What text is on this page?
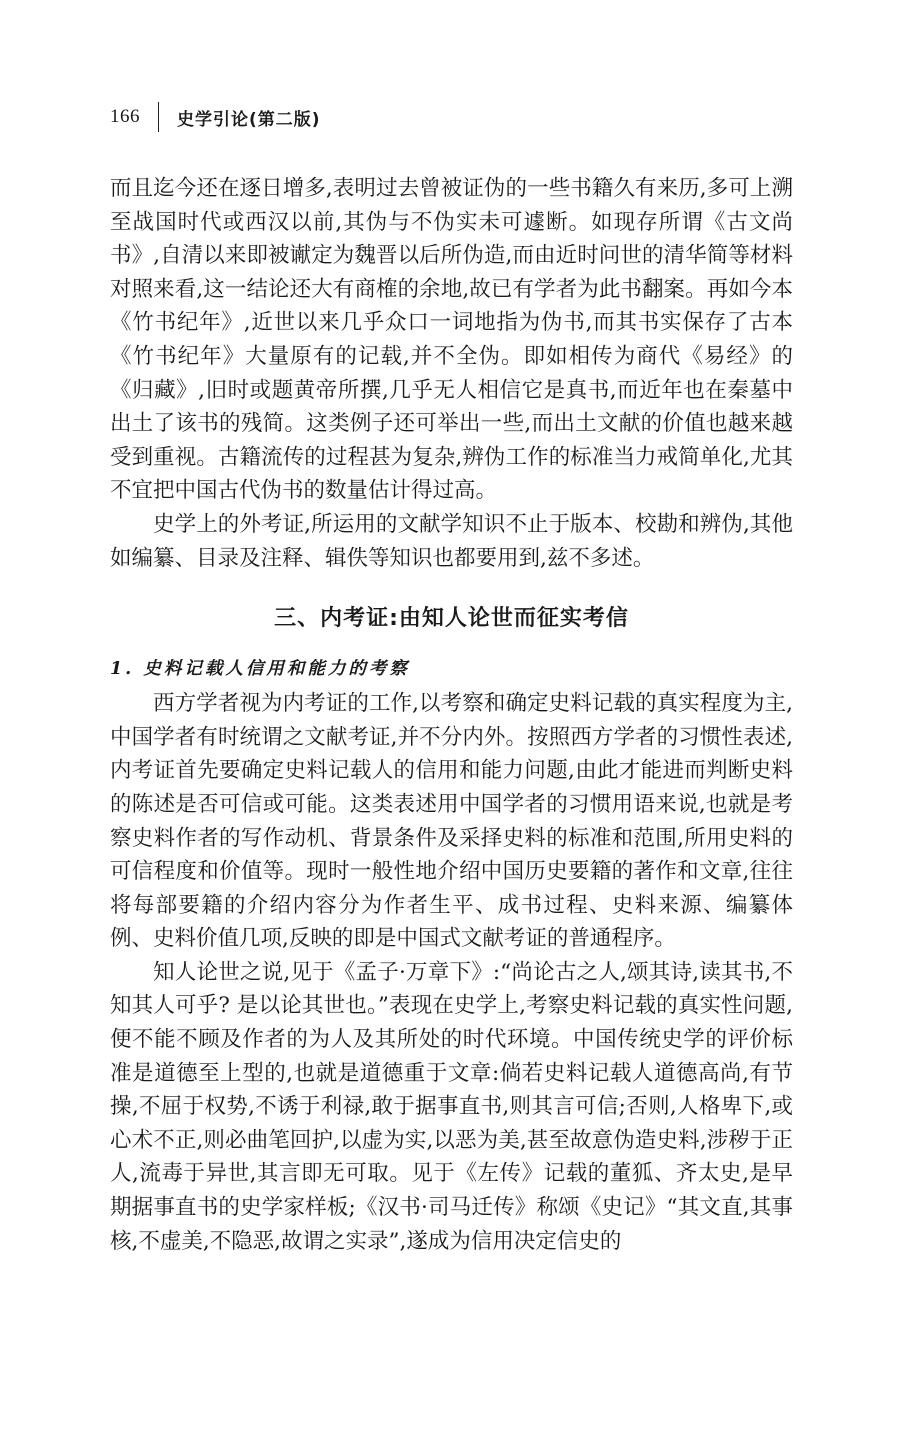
166 史学引论(第二版)

而且迄今还在逐日增多,表明过去曾被证伪的一些书籍久有来历,多可上溯至战国时代或西汉以前,其伪与不伪实未可遽断。如现存所谓《古文尚书》,自清以来即被谳定为魏晋以后所伪造,而由近时问世的清华简等材料对照来看,这一结论还大有商榷的余地,故已有学者为此书翻案。再如今本《竹书纪年》,近世以来几乎众口一词地指为伪书,而其书实保存了古本《竹书纪年》大量原有的记载,并不全伪。即如相传为商代《易经》的《归藏》,旧时或题黄帝所撰,几乎无人相信它是真书,而近年也在秦墓中出土了该书的残简。这类例子还可举出一些,而出土文献的价值也越来越受到重视。古籍流传的过程甚为复杂,辨伪工作的标准当力戒简单化,尤其不宜把中国古代伪书的数量估计得过高。

史学上的外考证,所运用的文献学知识不止于版本、校勘和辨伪,其他如编纂、目录及注释、辑佚等知识也都要用到,兹不多述。

三、内考证:由知人论世而征实考信
1. 史料记载人信用和能力的考察

西方学者视为内考证的工作,以考察和确定史料记载的真实程度为主,中国学者有时统谓之文献考证,并不分内外。按照西方学者的习惯性表述,内考证首先要确定史料记载人的信用和能力问题,由此才能进而判断史料的陈述是否可信或可能。这类表述用中国学者的习惯用语来说,也就是考察史料作者的写作动机、背景条件及采择史料的标准和范围,所用史料的可信程度和价值等。现时一般性地介绍中国历史要籍的著作和文章,往往将每部要籍的介绍内容分为作者生平、成书过程、史料来源、编纂体例、史料价值几项,反映的即是中国式文献考证的普通程序。

知人论世之说,见于《孟子·万章下》:“尚论古之人,颂其诗,读其书,不知其人可乎? 是以论其世也。”表现在史学上,考察史料记载的真实性问题,便不能不顾及作者的为人及其所处的时代环境。中国传统史学的评价标准是道德至上型的,也就是道德重于文章:倘若史料记载人道德高尚,有节操,不屈于权势,不诱于利禄,敢于据事直书,则其言可信;否则,人格卑下,或心术不正,则必曲笔回护,以虚为实,以恶为美,甚至故意伪造史料,涉秽于正人,流毒于异世,其言即无可取。见于《左传》记载的董狐、齐太史,是早期据事直书的史学家样板;《汉书·司马迁传》称颂《史记》“其文直,其事核,不虚美,不隐恶,故谓之实录”,遂成为信用决定信史的
